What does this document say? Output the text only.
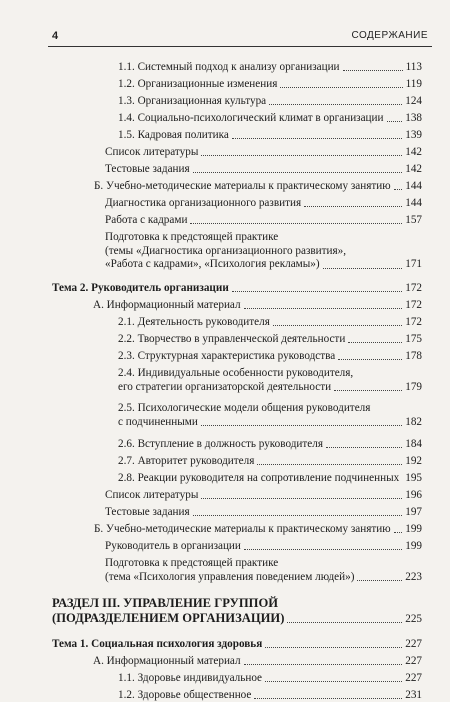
4	СОДЕРЖАНИЕ
1.1. Системный подход к анализу организации	113
1.2. Организационные изменения	119
1.3. Организационная культура	124
1.4. Социально-психологический климат в организации 138
1.5. Кадровая политика	139
Список литературы	142
Тестовые задания	142
Б. Учебно-методические материалы к практическому занятию 144
Диагностика организационного развития	144
Работа с кадрами	157
Подготовка к предстоящей практике
(темы «Диагностика организационного развития»,
«Работа с кадрами», «Психология рекламы»)	171
Тема 2. Руководитель организации	172
А. Информационный материал	172
2.1. Деятельность руководителя	172
2.2. Творчество в управленческой деятельности	175
2.3. Структурная характеристика руководства	178
2.4. Индивидуальные особенности руководителя,
его стратегии организаторской деятельности	179
2.5. Психологические модели общения руководителя
с подчиненными	182
2.6. Вступление в должность руководителя	184
2.7. Авторитет руководителя	192
2.8. Реакции руководителя на сопротивление подчиненных 195
Список литературы	196
Тестовые задания	197
Б. Учебно-методические материалы к практическому занятию 199
Руководитель в организации	199
Подготовка к предстоящей практике
(тема «Психология управления поведением людей»)	223
РАЗДЕЛ III. УПРАВЛЕНИЕ ГРУППОЙ
(ПОДРАЗДЕЛЕНИЕМ ОРГАНИЗАЦИИ)	225
Тема 1. Социальная психология здоровья	227
А. Информационный материал	227
1.1. Здоровье индивидуальное	227
1.2. Здоровье общественное	231
